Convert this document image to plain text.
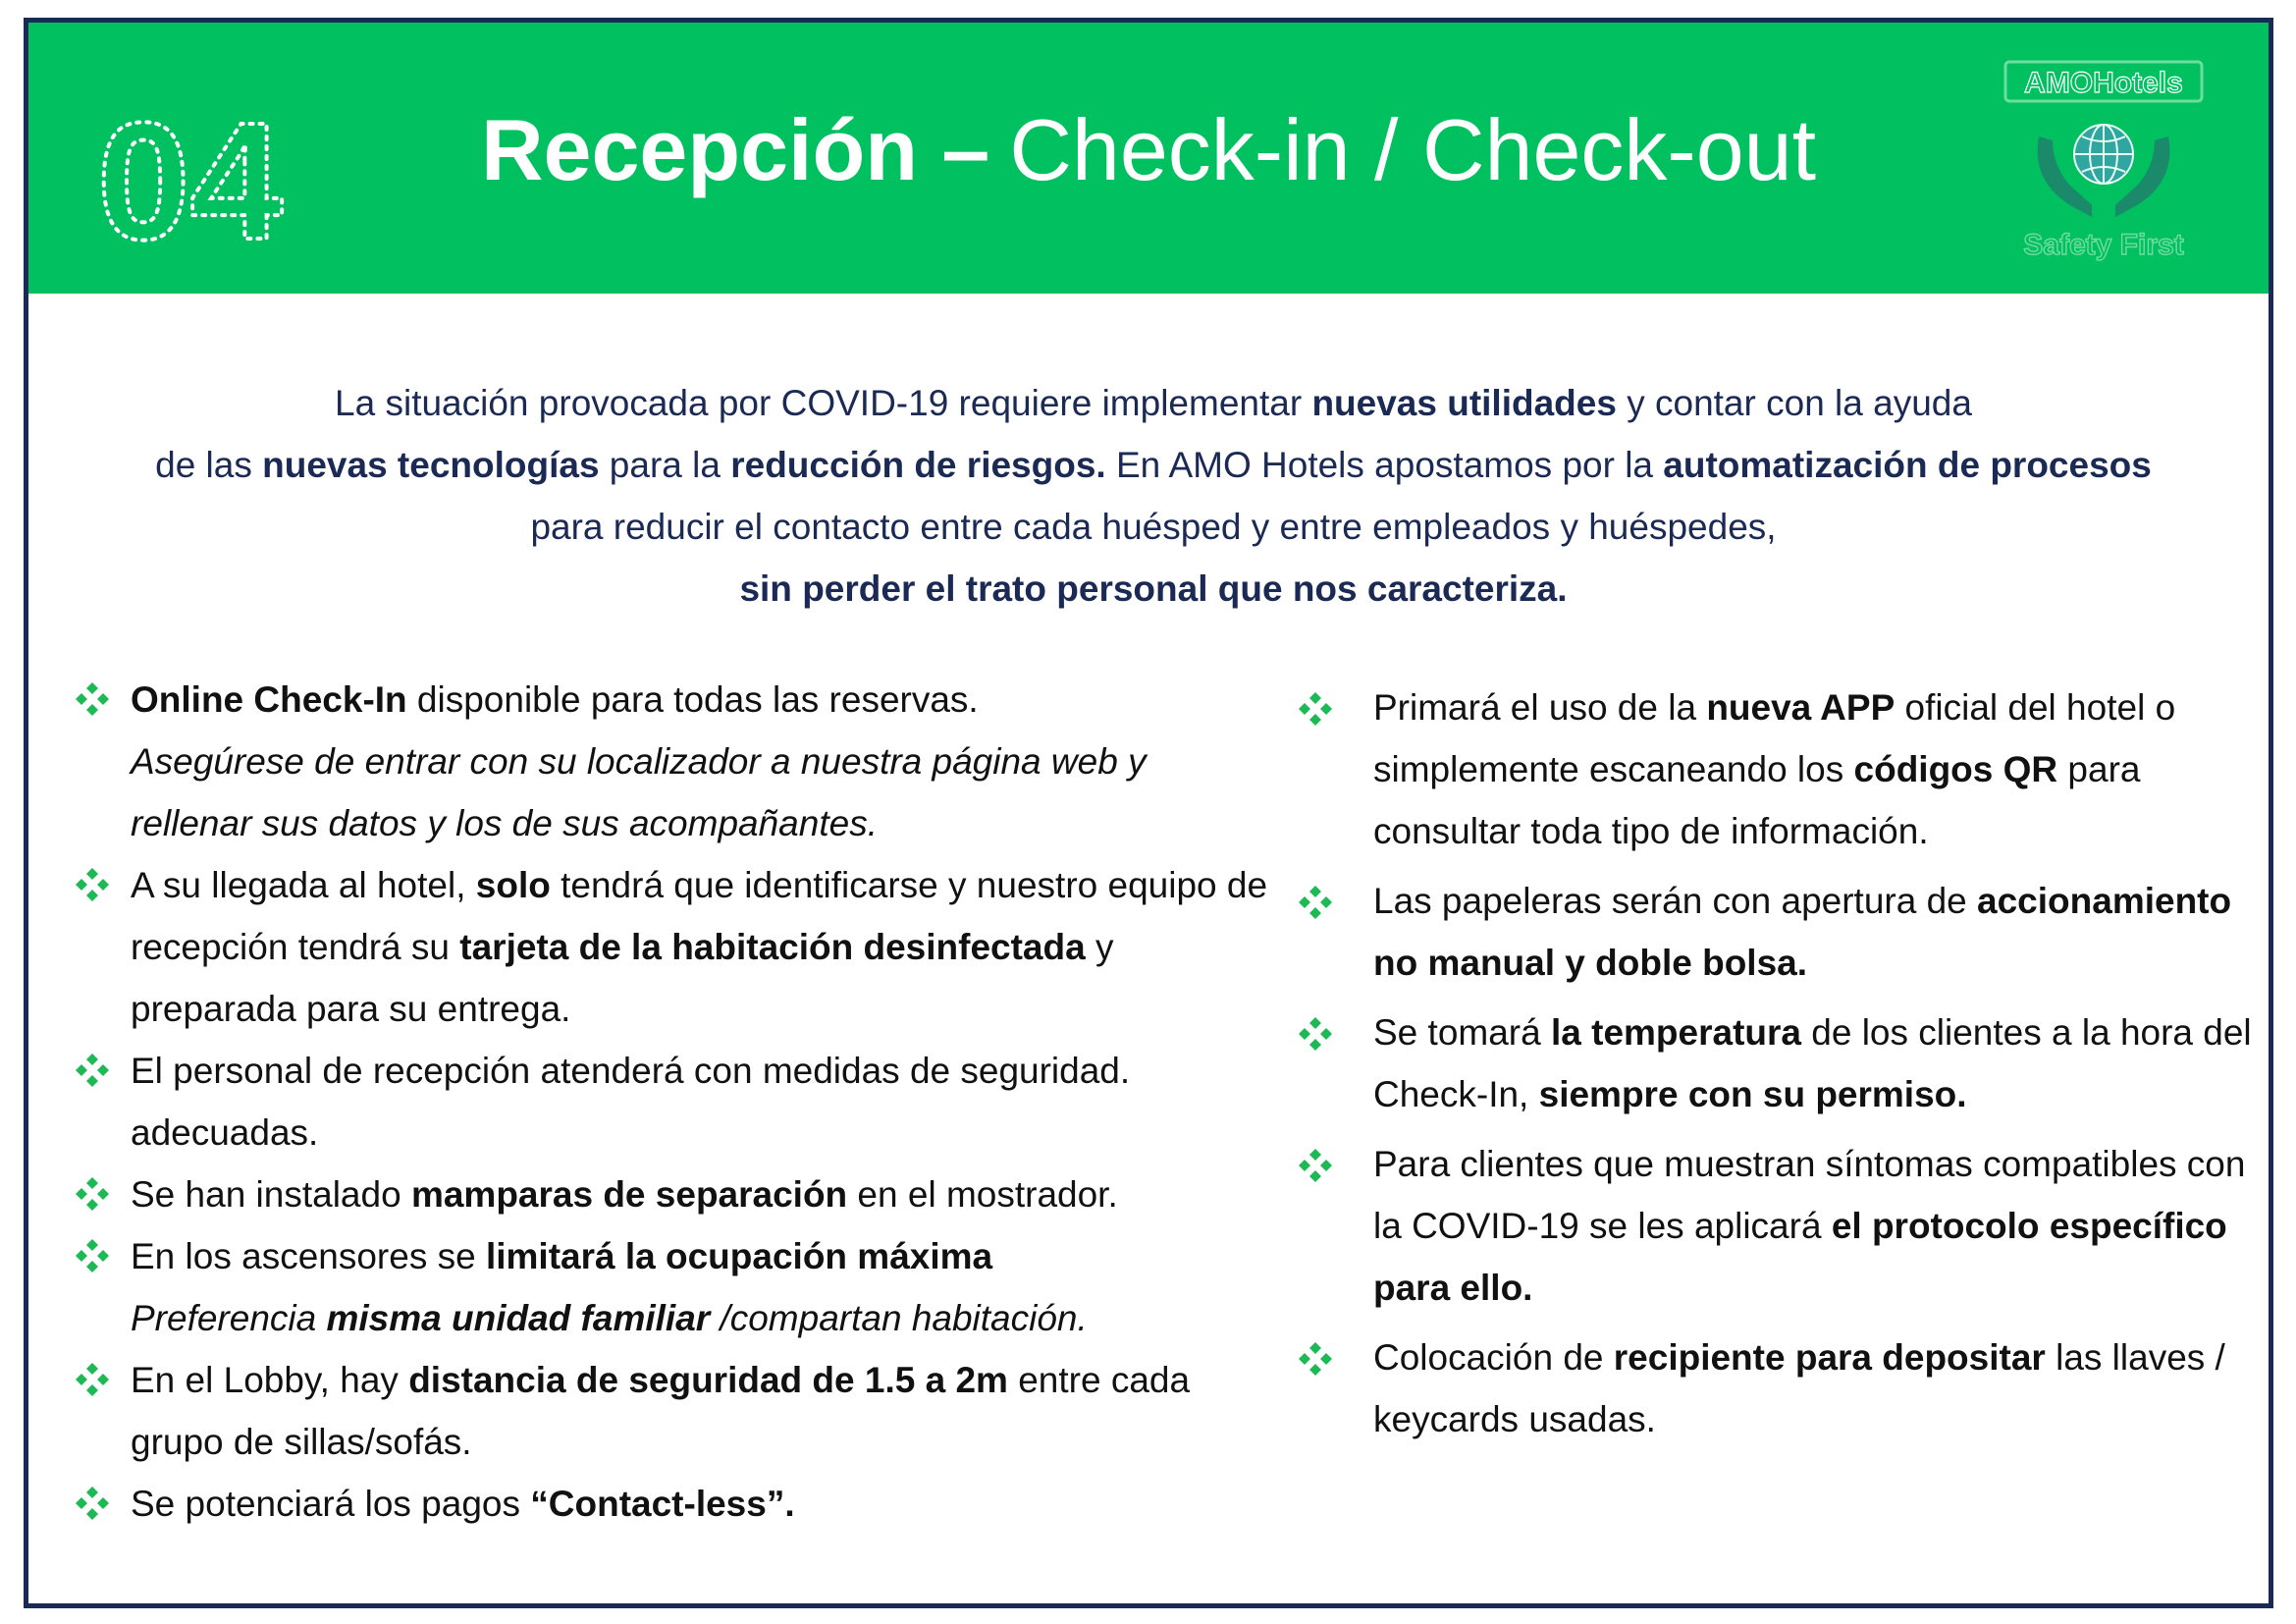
04 Recepción – Check-in / Check-out
AMOHotels
Safety First

La situación provocada por COVID-19 requiere implementar nuevas utilidades y contar con la ayuda

de las nuevas tecnologías para la reducción de riesgos. En AMO Hotels apostamos por la automatización de procesos

para reducir el contacto entre cada huésped y entre empleados y huéspedes,

sin perder el trato personal que nos caracteriza.

Online Check-In disponible para todas las reservas.
Asegúrese de entrar con su localizador a nuestra página web y rellenar sus datos y los de sus acompañantes.
A su llegada al hotel, solo tendrá que identificarse y nuestro equipo de recepción tendrá su tarjeta de la habitación desinfectada y preparada para su entrega.
El personal de recepción atenderá con medidas de seguridad. adecuadas.
Se han instalado mamparas de separación en el mostrador.
En los ascensores se limitará la ocupación máxima
Preferencia misma unidad familiar /compartan habitación.
En el Lobby, hay distancia de seguridad de 1.5 a 2m entre cada grupo de sillas/sofás.
Se potenciará los pagos “Contact-less”.
Primará el uso de la nueva APP oficial del hotel o simplemente escaneando los códigos QR para consultar toda tipo de información.
Las papeleras serán con apertura de accionamiento no manual y doble bolsa.
Se tomará la temperatura de los clientes a la hora del Check-In, siempre con su permiso.
Para clientes que muestran síntomas compatibles con la COVID-19 se les aplicará el protocolo específico para ello.
Colocación de recipiente para depositar las llaves / keycards usadas.
